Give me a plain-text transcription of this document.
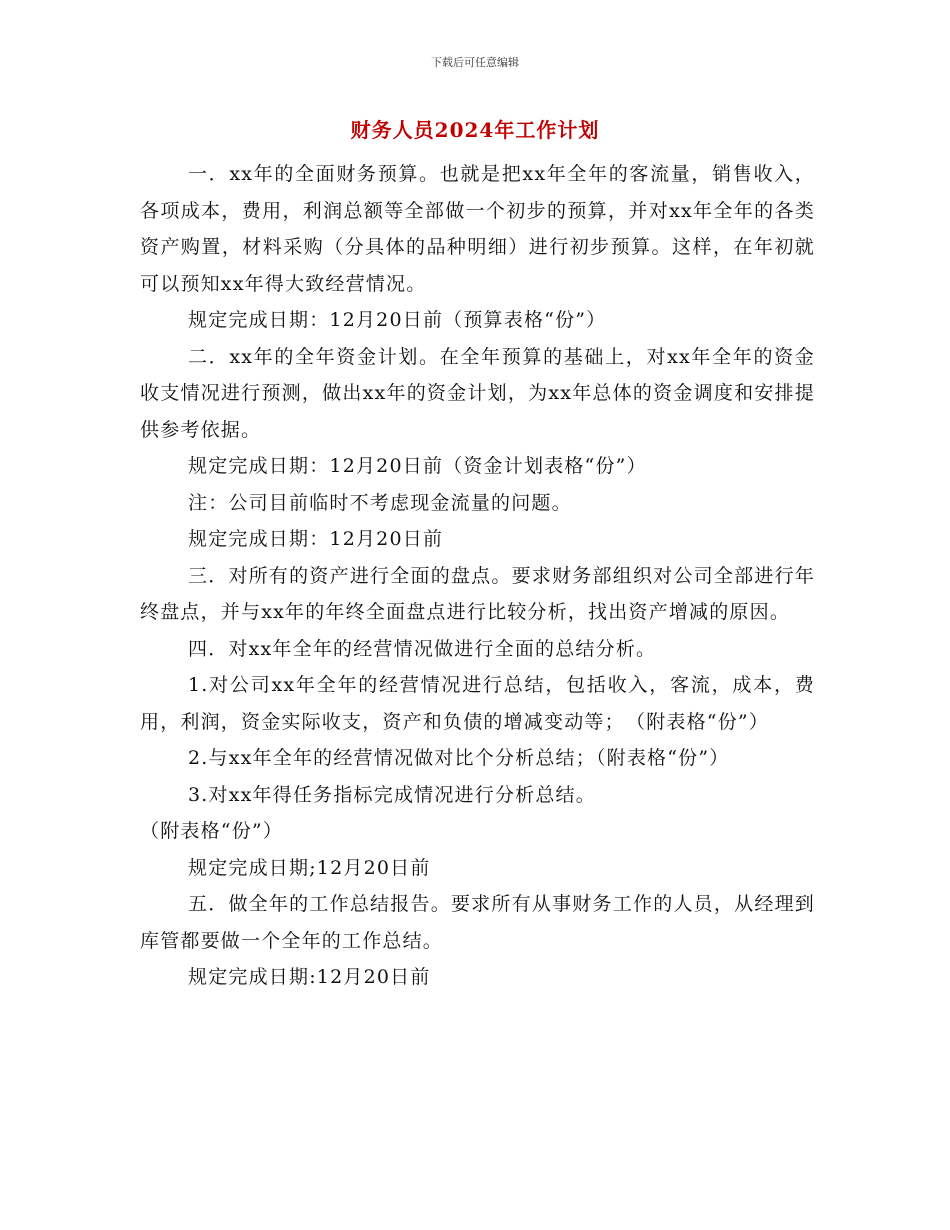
下载后可任意编辑
财务人员2024年工作计划

一．xx年的全面财务预算。也就是把xx年全年的客流量，销售收入，各项成本，费用，利润总额等全部做一个初步的预算，并对xx年全年的各类资产购置，材料采购（分具体的品种明细）进行初步预算。这样，在年初就可以预知xx年得大致经营情况。

规定完成日期：12月20日前（预算表格“份”）

二．xx年的全年资金计划。在全年预算的基础上，对xx年全年的资金收支情况进行预测，做出xx年的资金计划，为xx年总体的资金调度和安排提供参考依据。

规定完成日期：12月20日前（资金计划表格“份”）

注：公司目前临时不考虑现金流量的问题。

规定完成日期：12月20日前

三．对所有的资产进行全面的盘点。要求财务部组织对公司全部进行年终盘点，并与xx年的年终全面盘点进行比较分析，找出资产增减的原因。

四．对xx年全年的经营情况做进行全面的总结分析。

1.对公司xx年全年的经营情况进行总结，包括收入，客流，成本，费用，利润，资金实际收支，资产和负债的增减变动等；　（附表格“份”）

2.与xx年全年的经营情况做对比个分析总结；（附表格“份”）

3.对xx年得任务指标完成情况进行分析总结。

（附表格“份”）

规定完成日期;12月20日前

五．做全年的工作总结报告。要求所有从事财务工作的人员，从经理到库管都要做一个全年的工作总结。

规定完成日期:12月20日前
